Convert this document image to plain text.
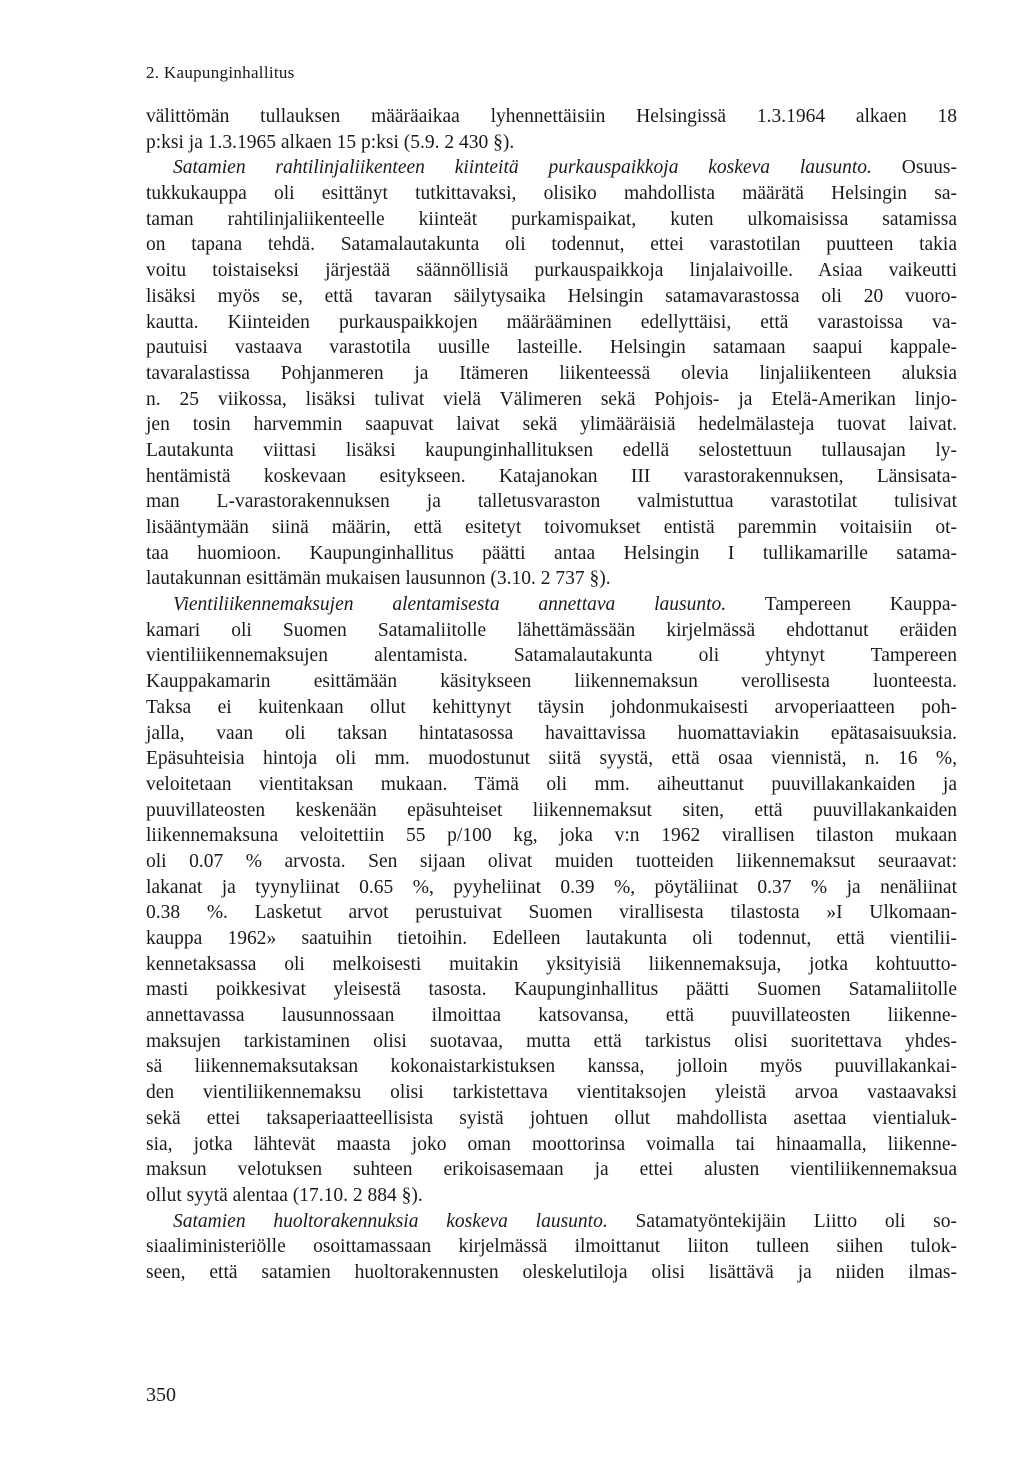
2. Kaupunginhallitus
välittömän tullauksen määräaikaa lyhennettäisiin Helsingissä 1.3.1964 alkaen 18
p:ksi ja 1.3.1965 alkaen 15 p:ksi (5.9. 2 430 §).
Satamien rahtilinjaliikenteen kiinteitä purkauspaikkoja koskeva lausunto. Osuus-
tukkukauppa oli esittänyt tutkittavaksi, olisiko mahdollista määrätä Helsingin sa-
taman rahtilinjaliikenteelle kiinteät purkamispaikat, kuten ulkomaisissa satamissa
on tapana tehdä. Satamalautakunta oli todennut, ettei varastotilan puutteen takia
voitu toistaiseksi järjestää säännöllisiä purkauspaikkoja linjalaivoille. Asiaa vaikeutti
lisäksi myös se, että tavaran säilytysaika Helsingin satamavarastossa oli 20 vuoro-
kautta. Kiinteiden purkauspaikkojen määrääminen edellyttäisi, että varastoissa va-
pautuisi vastaava varastotila uusille lasteille. Helsingin satamaan saapui kappale-
tavaralastissa Pohjanmeren ja Itämeren liikenteessä olevia linjaliikenteen aluksia
n. 25 viikossa, lisäksi tulivat vielä Välimeren sekä Pohjois- ja Etelä-Amerikan linjo-
jen tosin harvemmin saapuvat laivat sekä ylimääräisiä hedelmälasteja tuovat laivat.
Lautakunta viittasi lisäksi kaupunginhallituksen edellä selostettuun tullausajan ly-
hentämistä koskevaan esitykseen. Katajanokan III varastorakennuksen, Länsisata-
man L-varastorakennuksen ja talletusvaraston valmistuttua varastotilat tulisivat
lisääntymään siinä määrin, että esitetyt toivomukset entistä paremmin voitaisiin ot-
taa huomioon. Kaupunginhallitus päätti antaa Helsingin I tullikamarille satama-
lautakunnan esittämän mukaisen lausunnon (3.10. 2 737 §).
Vientiliikennemaksujen alentamisesta annettava lausunto. Tampereen Kauppa-
kamari oli Suomen Satamaliitolle lähettämässään kirjelmässä ehdottanut eräiden
vientiliikennemaksujen alentamista. Satamalautakunta oli yhtynyt Tampereen
Kauppakamarin esittämään käsitykseen liikennemaksun verollisesta luonteesta.
Taksa ei kuitenkaan ollut kehittynyt täysin johdonmukaisesti arvoperiaatteen poh-
jalla, vaan oli taksan hintatasossa havaittavissa huomattaviakin epätasaisuuksia.
Epäsuhteisia hintoja oli mm. muodostunut siitä syystä, että osaa viennistä, n. 16 %,
veloitetaan vientitaksan mukaan. Tämä oli mm. aiheuttanut puuvillakankaiden ja
puuvillateosten keskenään epäsuhteiset liikennemaksut siten, että puuvillakankaiden
liikennemaksuna veloitettiin 55 p/100 kg, joka v:n 1962 virallisen tilaston mukaan
oli 0.07 % arvosta. Sen sijaan olivat muiden tuotteiden liikennemaksut seuraavat:
lakanat ja tyynyliinat 0.65 %, pyyheliinat 0.39 %, pöytäliinat 0.37 % ja nenäliinat
0.38 %. Lasketut arvot perustuivat Suomen virallisesta tilastosta »I Ulkomaan-
kauppa 1962» saatuihin tietoihin. Edelleen lautakunta oli todennut, että vientilii-
kennetaksassa oli melkoisesti muitakin yksityisiä liikennemaksuja, jotka kohtuutto-
masti poikkesivat yleisestä tasosta. Kaupunginhallitus päätti Suomen Satamaliitolle
annettavassa lausunnossaan ilmoittaa katsovansa, että puuvillateosten liikenne-
maksujen tarkistaminen olisi suotavaa, mutta että tarkistus olisi suoritettava yhdes-
sä liikennemaksutaksan kokonaistarkistuksen kanssa, jolloin myös puuvillakankai-
den vientiliikennemaksu olisi tarkistettava vientitaksojen yleistä arvoa vastaavaksi
sekä ettei taksaperiaatteellisista syistä johtuen ollut mahdollista asettaa vientialuk-
sia, jotka lähtevät maasta joko oman moottorinsa voimalla tai hinaamalla, liikenne-
maksun velotuksen suhteen erikoisasemaan ja ettei alusten vientiliikennemaksua
ollut syytä alentaa (17.10. 2 884 §).
Satamien huoltorakennuksia koskeva lausunto. Satamatyöntekijäin Liitto oli so-
siaaliministeriölle osoittamassaan kirjelmässä ilmoittanut liiton tulleen siihen tulok-
seen, että satamien huoltorakennusten oleskelutiloja olisi lisättävä ja niiden ilmas-
350
